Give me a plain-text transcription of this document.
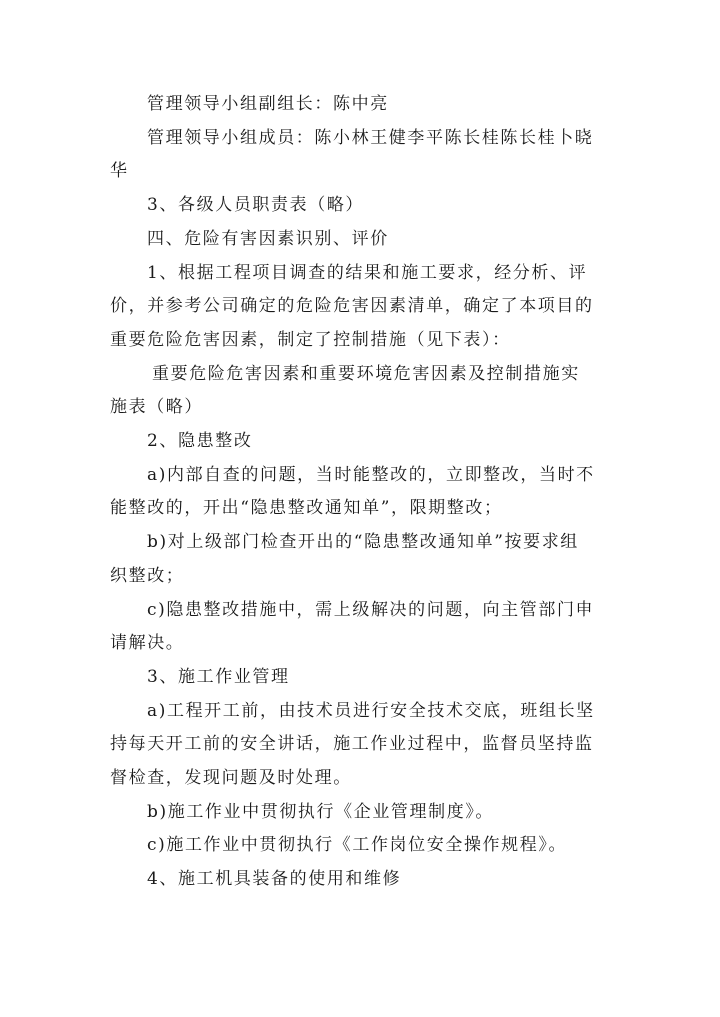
管理领导小组副组长：陈中亮

管理领导小组成员：陈小林王健李平陈长桂陈长桂卜晓

华

3、各级人员职责表（略）

四、危险有害因素识别、评价

1、根据工程项目调查的结果和施工要求，经分析、评

价，并参考公司确定的危险危害因素清单，确定了本项目的

重要危险危害因素，制定了控制措施（见下表）：

重要危险危害因素和重要环境危害因素及控制措施实

施表（略）

2、隐患整改

a)内部自查的问题，当时能整改的，立即整改，当时不

能整改的，开出“隐患整改通知单”，限期整改；

b)对上级部门检查开出的“隐患整改通知单”按要求组

织整改；

c)隐患整改措施中，需上级解决的问题，向主管部门申

请解决。

3、施工作业管理

a)工程开工前，由技术员进行安全技术交底，班组长坚

持每天开工前的安全讲话，施工作业过程中，监督员坚持监

督检查，发现问题及时处理。

b)施工作业中贯彻执行《企业管理制度》。

c)施工作业中贯彻执行《工作岗位安全操作规程》。

4、施工机具装备的使用和维修
